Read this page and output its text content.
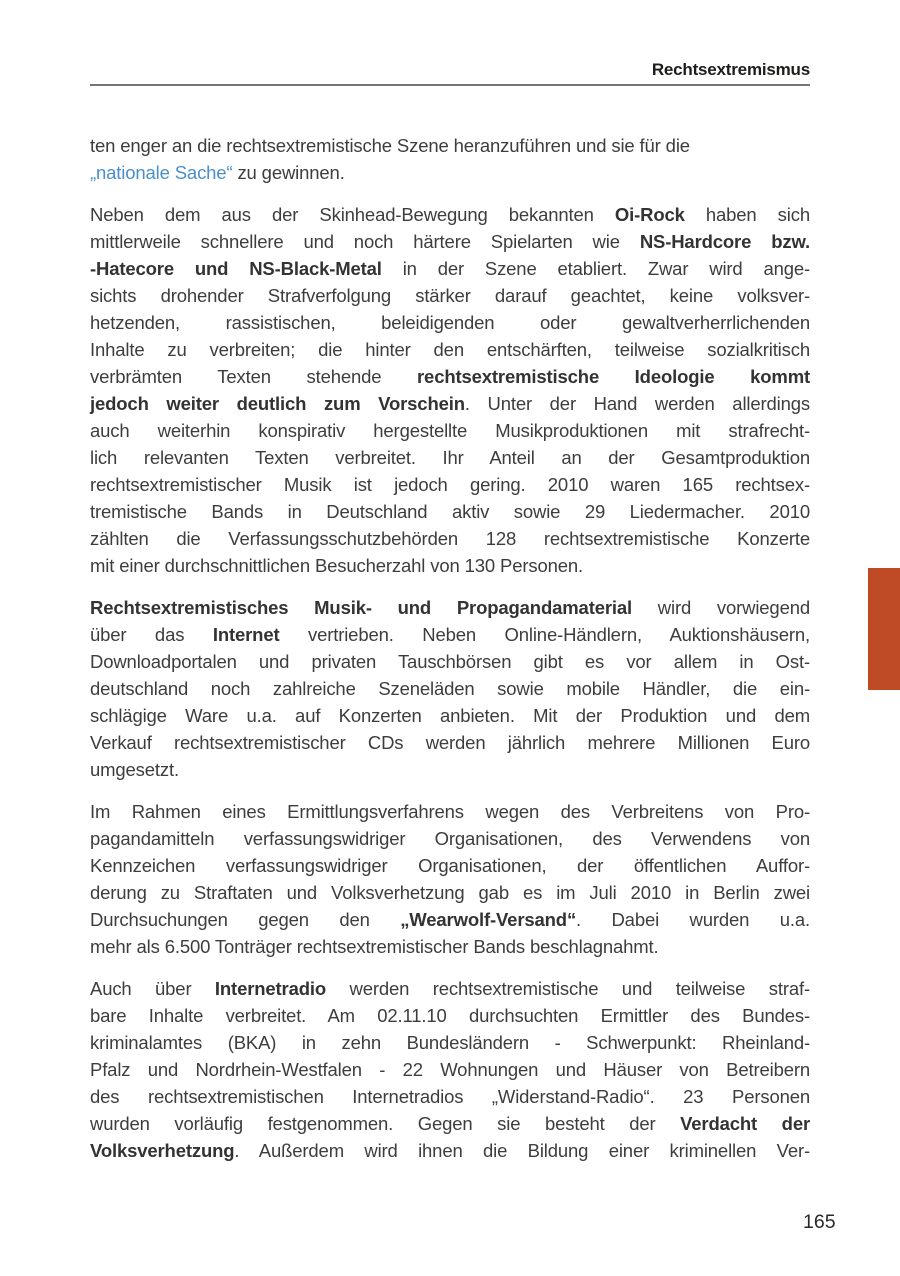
Rechtsextremismus
ten enger an die rechtsextremistische Szene heranzuführen und sie für die
„nationale Sache“ zu gewinnen.
Neben dem aus der Skinhead-Bewegung bekannten Oi-Rock haben sich
mittlerweile schnellere und noch härtere Spielarten wie NS-Hardcore bzw.
-Hatecore und NS-Black-Metal in der Szene etabliert. Zwar wird ange-
sichts drohender Strafverfolgung stärker darauf geachtet, keine volksver-
hetzenden, rassistischen, beleidigenden oder gewaltverherrlichenden
Inhalte zu verbreiten; die hinter den entschärften, teilweise sozialkritisch
verbrämten Texten stehende rechtsextremistische Ideologie kommt
jedoch weiter deutlich zum Vorschein. Unter der Hand werden allerdings
auch weiterhin konspirativ hergestellte Musikproduktionen mit strafrecht-
lich relevanten Texten verbreitet. Ihr Anteil an der Gesamtproduktion
rechtsextremistischer Musik ist jedoch gering. 2010 waren 165 rechtsex-
tremistische Bands in Deutschland aktiv sowie 29 Liedermacher. 2010
zählten die Verfassungsschutzbehörden 128 rechtsextremistische Konzerte
mit einer durchschnittlichen Besucherzahl von 130 Personen.
Rechtsextremistisches Musik- und Propagandamaterial wird vorwiegend
über das Internet vertrieben. Neben Online-Händlern, Auktionshäusern,
Downloadportalen und privaten Tauschbörsen gibt es vor allem in Ost-
deutschland noch zahlreiche Szeneläden sowie mobile Händler, die ein-
schlägige Ware u.a. auf Konzerten anbieten. Mit der Produktion und dem
Verkauf rechtsextremistischer CDs werden jährlich mehrere Millionen Euro
umgesetzt.
Im Rahmen eines Ermittlungsverfahrens wegen des Verbreitens von Pro-
pagandamitteln verfassungswidriger Organisationen, des Verwendens von
Kennzeichen verfassungswidriger Organisationen, der öffentlichen Auffor-
derung zu Straftaten und Volksverhetzung gab es im Juli 2010 in Berlin zwei
Durchsuchungen gegen den „Wearwolf-Versand“. Dabei wurden u.a.
mehr als 6.500 Tonträger rechtsextremistischer Bands beschlagnahmt.
Auch über Internetradio werden rechtsextremistische und teilweise straf-
bare Inhalte verbreitet. Am 02.11.10 durchsuchten Ermittler des Bundes-
kriminalamtes (BKA) in zehn Bundesländern - Schwerpunkt: Rheinland-
Pfalz und Nordrhein-Westfalen - 22 Wohnungen und Häuser von Betreibern
des rechtsextremistischen Internetradios „Widerstand-Radio“. 23 Personen
wurden vorläufig festgenommen. Gegen sie besteht der Verdacht der
Volksverhetzung. Außerdem wird ihnen die Bildung einer kriminellen Ver-
165
